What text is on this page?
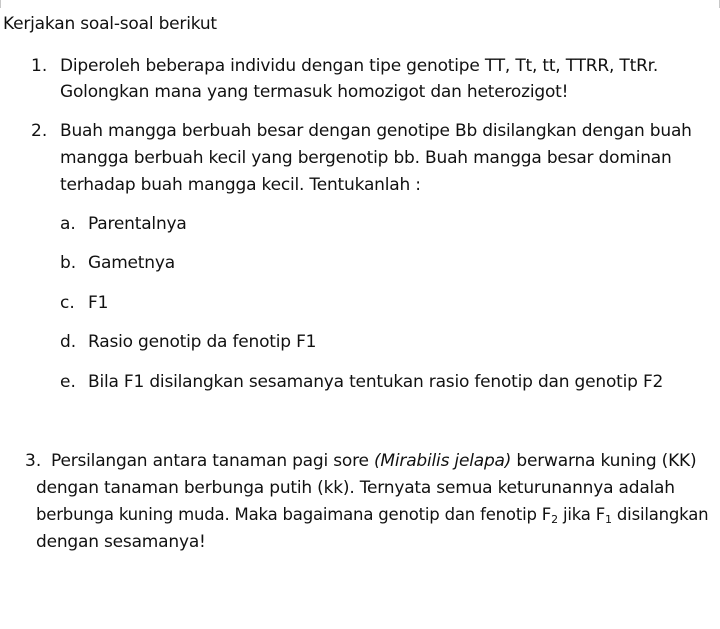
Kerjakan soal-soal berikut
1. Diperoleh beberapa individu dengan tipe genotipe TT, Tt, tt, TTRR, TtRr.
Golongkan mana yang termasuk homozigot dan heterozigot!
2. Buah mangga berbuah besar dengan genotipe Bb disilangkan dengan buah
mangga berbuah kecil yang bergenotip bb. Buah mangga besar dominan
terhadap buah mangga kecil. Tentukanlah :
a. Parentalnya
b. Gametnya
c. F1
d. Rasio genotip da fenotip F1
e. Bila F1 disilangkan sesamanya tentukan rasio fenotip dan genotip F2
3. Persilangan antara tanaman pagi sore (Mirabilis jelapa) berwarna kuning (KK)
dengan tanaman berbunga putih (kk). Ternyata semua keturunannya adalah
berbunga kuning muda. Maka bagaimana genotip dan fenotip $F_2$ jika $F_1$ disilangkan
dengan sesamanya!
